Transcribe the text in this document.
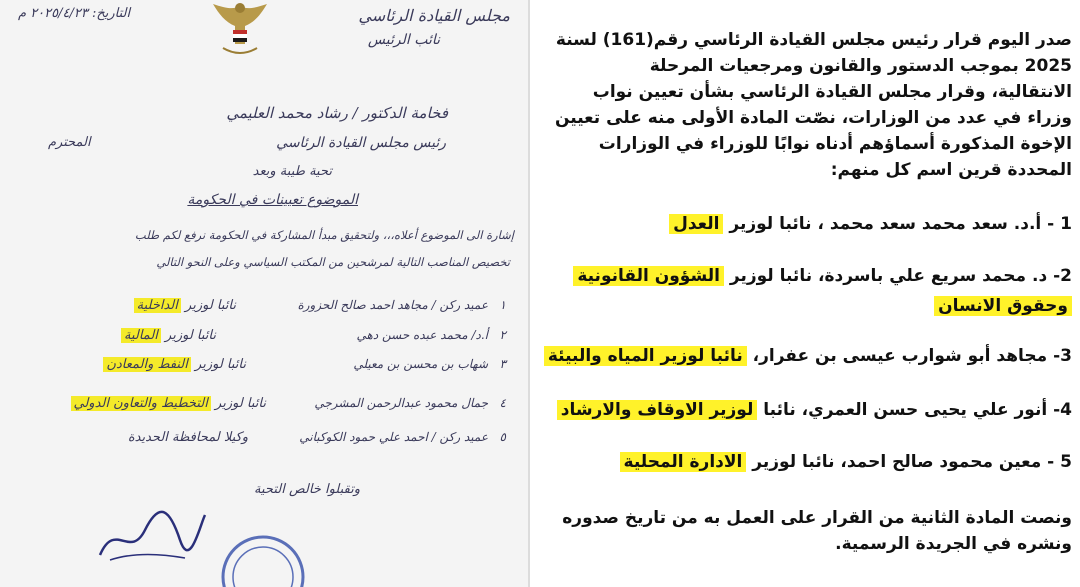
مجلس القيادة الرئاسي
نائب الرئيس
التاريخ: ٢٠٢٥/٤/٢٣ م
فخامة الدكتور / رشاد محمد العليمي
رئيس مجلس القيادة الرئاسي
المحترم
تحية طيبة وبعد
الموضوع تعيينات في الحكومة
إشارة الى الموضوع أعلاه،،، ولتحقيق مبدأ المشاركة في الحكومة نرفع لكم طلب
تخصيص المناصب التالية لمرشحين من المكتب السياسي وعلى النحو التالي
١
عميد ركن / مجاهد احمد صالح الحزورة
نائبا لوزير الداخلية
٢
أ.د/ محمد عبده حسن دهي
نائبا لوزير المالية
٣
شهاب بن محسن بن معيلي
نائبا لوزير النفط والمعادن
٤
جمال محمود عبدالرحمن المشرجي
نائبا لوزير التخطيط والتعاون الدولي
٥
عميد ركن / احمد علي حمود الكوكباني
وكيلا لمحافظة الحديدة
وتقبلوا خالص التحية
صدر اليوم قرار رئيس مجلس القيادة الرئاسي رقم(161) لسنة
2025 بموجب الدستور والقانون ومرجعيات المرحلة
الانتقالية، وقرار مجلس القيادة الرئاسي بشأن تعيين نواب
وزراء في عدد من الوزارات، نصّت المادة الأولى منه على تعيين
الإخوة المذكورة أسماؤهم أدناه نوابًا للوزراء في الوزارات
المحددة قرين اسم كل منهم:
1 - أ.د. سعد محمد سعد محمد ، نائبا لوزير العدل
2- د. محمد سريع علي باسردة، نائبا لوزير الشؤون القانونية
وحقوق الانسان
3- مجاهد أبو شوارب عيسى بن عفرار، نائبا لوزير المياه والبيئة
4- أنور علي يحيى حسن العمري، نائبا لوزير الاوقاف والارشاد
5 - معين محمود صالح احمد، نائبا لوزير الادارة المحلية
ونصت المادة الثانية من القرار على العمل به من تاريخ صدوره
ونشره في الجريدة الرسمية.
